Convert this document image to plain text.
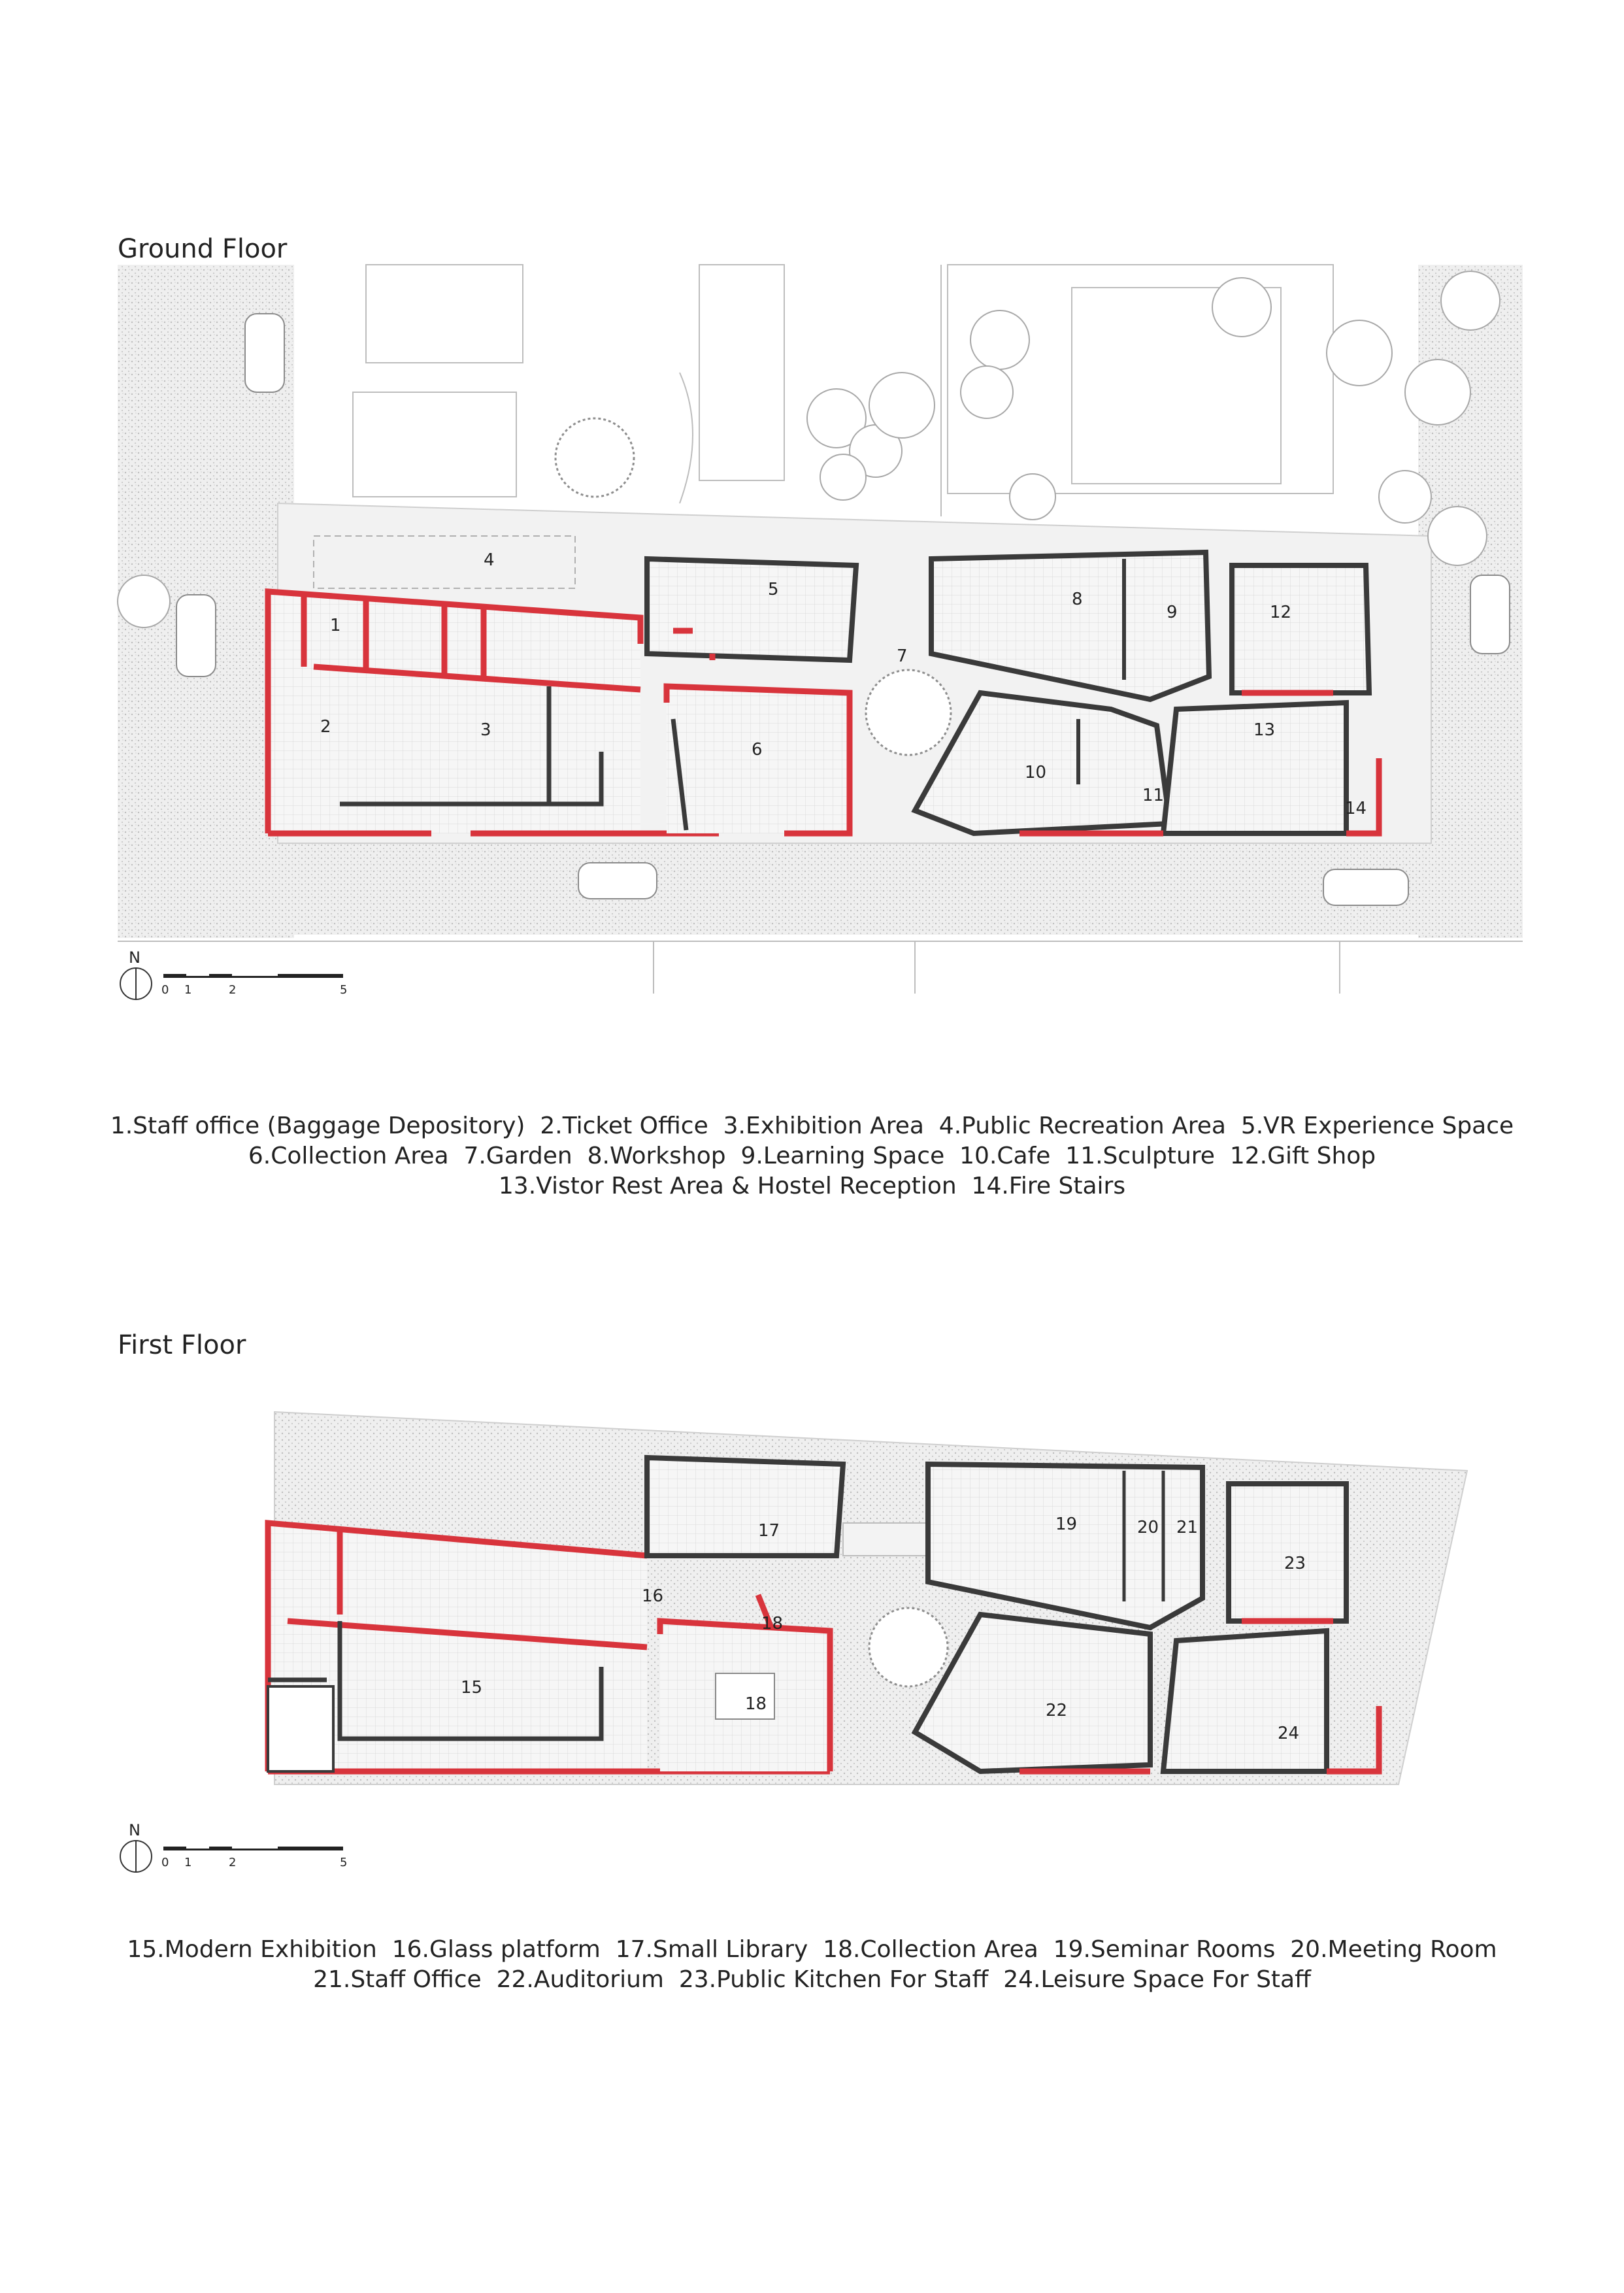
Ground Floor
1
2	3
4
5
6
7
8
9
10
11
12
13
14
N
0 1	2	5
1.Staff office (Baggage Depository)  2.Ticket Office  3.Exhibition Area  4.Public Recreation Area  5.VR Experience Space
6.Collection Area  7.Garden  8.Workshop  9.Learning Space  10.Cafe  11.Sculpture  12.Gift Shop
13.Vistor Rest Area & Hostel Reception  14.Fire Stairs
First Floor
15
16
17
18
18
19	20 21
22
23
24
N
0 1	2	5
15.Modern Exhibition  16.Glass platform  17.Small Library  18.Collection Area  19.Seminar Rooms  20.Meeting Room
21.Staff Office  22.Auditorium  23.Public Kitchen For Staff  24.Leisure Space For Staff
